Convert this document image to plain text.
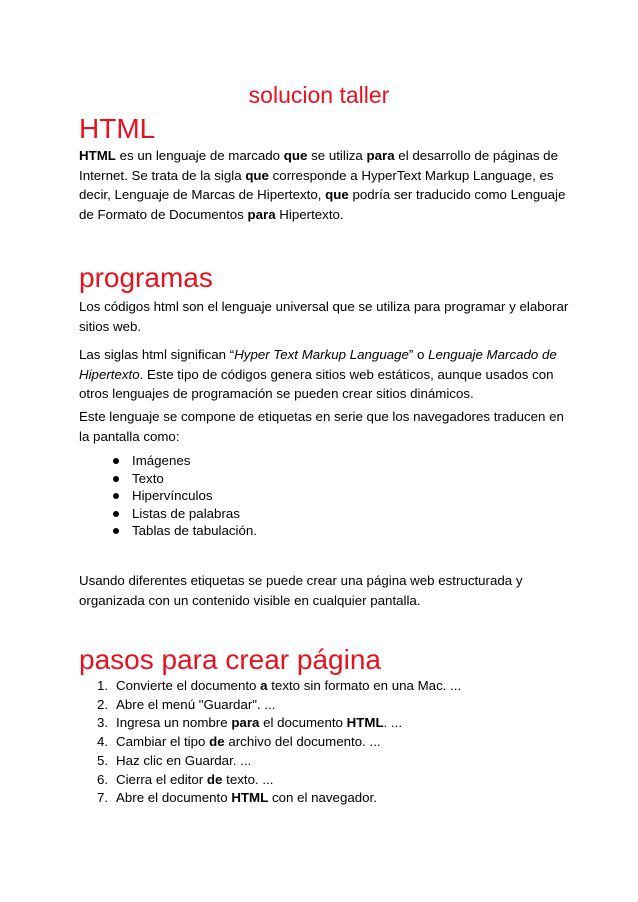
solucion taller
HTML

HTML es un lenguaje de marcado que se utiliza para el desarrollo de páginas de Internet. Se trata de la sigla que corresponde a HyperText Markup Language, es decir, Lenguaje de Marcas de Hipertexto, que podría ser traducido como Lenguaje de Formato de Documentos para Hipertexto.

programas

Los códigos html son el lenguaje universal que se utiliza para programar y elaborar sitios web.

Las siglas html significan “Hyper Text Markup Language” o Lenguaje Marcado de Hipertexto. Este tipo de códigos genera sitios web estáticos, aunque usados con otros lenguajes de programación se pueden crear sitios dinámicos.

Este lenguaje se compone de etiquetas en serie que los navegadores traducen en la pantalla como:

Imágenes
Texto
Hipervínculos
Listas de palabras
Tablas de tabulación.

Usando diferentes etiquetas se puede crear una página web estructurada y organizada con un contenido visible en cualquier pantalla.

pasos para crear página
1. Convierte el documento a texto sin formato en una Mac. ...
2. Abre el menú "Guardar". ...
3. Ingresa un nombre para el documento HTML. ...
4. Cambiar el tipo de archivo del documento. ...
5. Haz clic en Guardar. ...
6. Cierra el editor de texto. ...
7. Abre el documento HTML con el navegador.
